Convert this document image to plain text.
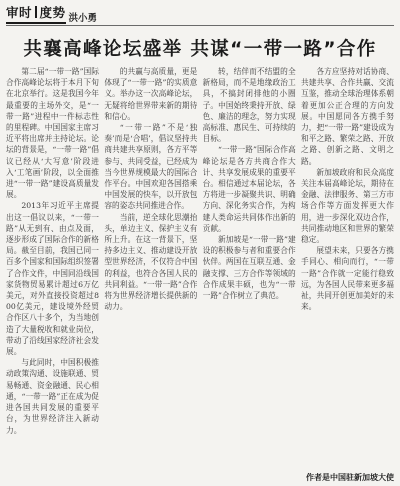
审时 度势 洪小勇
共襄高峰论坛盛举 共谋“一带一路”合作

第二届“一带一路”国际合作高峰论坛将于本月下旬在北京举行。这是我国今年最重要的主场外交，是“一带一路”进程中一件标志性的里程碑。中国国家主席习近平将出席并主持论坛。论坛的背景是，“一带一路”倡议已经从‘大写意’阶段进入‘工笔画’阶段，以全面推进“一带一路”建设高质量发展。

2013年习近平主席提出这一倡议以来，“一带一路”从无到有、由点及面，逐步形成了国际合作的新格局。截至目前，我国已同一百多个国家和国际组织签署了合作文件，中国同沿线国家货物贸易累计超过6万亿美元，对外直接投资超过800亿美元，建设境外经贸合作区八十多个，为当地创造了大量税收和就业岗位，带动了沿线国家经济社会发展。

与此同时，中国积极推动政策沟通、设施联通、贸易畅通、资金融通、民心相通，“一带一路”正在成为促进各国共同发展的重要平台，为世界经济注入新动力。

的共赢与高质量，更是体现了“一带一路”的实质意义。举办这一次高峰论坛，无疑将给世界带来新的期待和信心。

“一带一路”不是‘独奏’而是‘合唱’，倡议坚持共商共建共享原则，各方平等参与、共同受益，已经成为当今世界规模最大的国际合作平台。中国欢迎各国搭乘中国发展的快车，以开放包容的姿态共同推进合作。

当前，逆全球化思潮抬头，单边主义、保护主义有所上升。在这一背景下，坚持多边主义、推动建设开放型世界经济，不仅符合中国的利益，也符合各国人民的共同利益。“一带一路”合作将为世界经济增长提供新的动力。

转，结伴而不结盟的全新格局，而不是地缘政治工具，不搞封闭排他的小圈子。中国始终秉持开放、绿色、廉洁的理念，努力实现高标准、惠民生、可持续的目标。

“一带一路”国际合作高峰论坛是各方共商合作大计、共享发展成果的重要平台。相信通过本届论坛，各方将进一步凝聚共识、明确方向、深化务实合作，为构建人类命运共同体作出新的贡献。

新加坡是“一带一路”建设的积极参与者和重要合作伙伴。两国在互联互通、金融支撑、三方合作等领域的合作成果丰硕，也为“一带一路”合作树立了典范。

各方应坚持对话协商、共建共享、合作共赢、交流互鉴，推动全球治理体系朝着更加公正合理的方向发展。中国愿同各方携手努力，把“一带一路”建设成为和平之路、繁荣之路、开放之路、创新之路、文明之路。

新加坡政府和民众高度关注本届高峰论坛，期待在金融、法律服务、第三方市场合作等方面发挥更大作用，进一步深化双边合作，共同推动地区和世界的繁荣稳定。

展望未来，只要各方携手同心、相向而行，“一带一路”合作就一定能行稳致远，为各国人民带来更多福祉，共同开创更加美好的未来。

作者是中国驻新加坡大使
